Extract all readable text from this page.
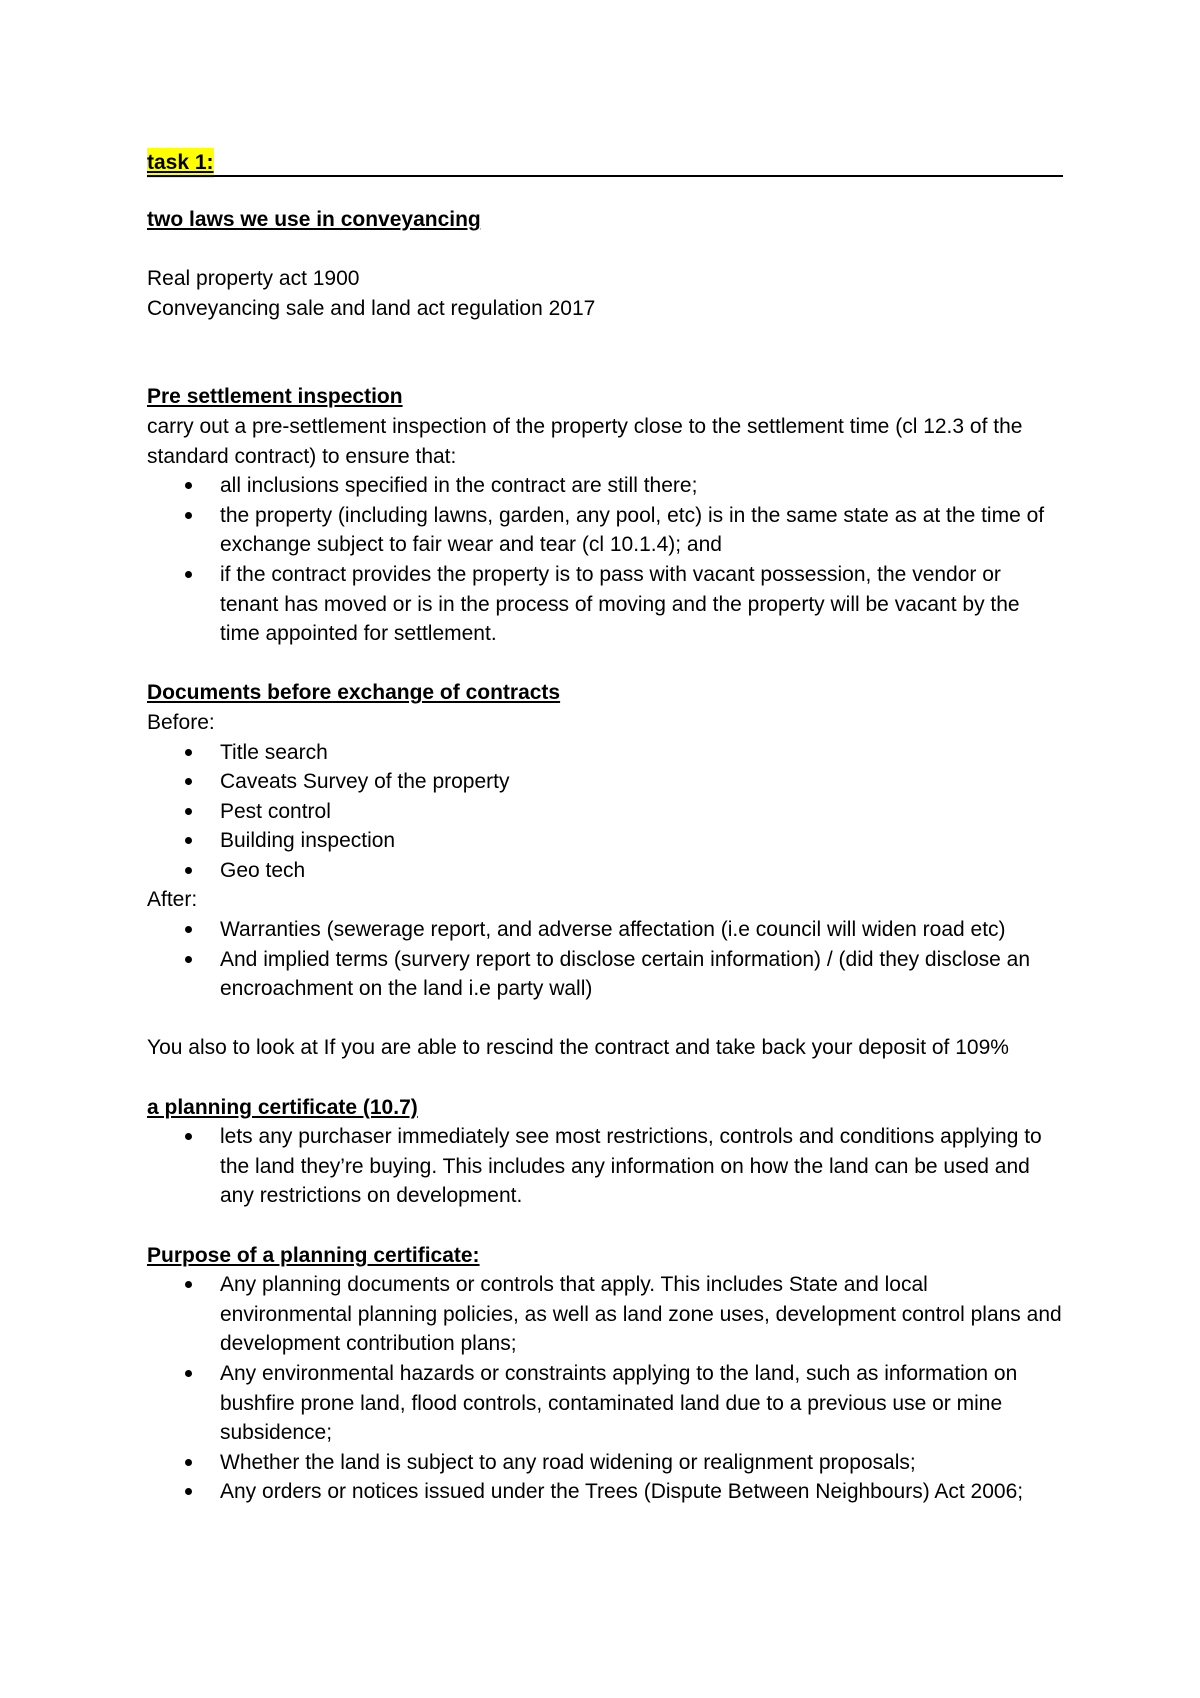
task 1:

two laws we use in conveyancing

Real property act 1900

Conveyancing sale and land act regulation 2017

Pre settlement inspection

carry out a pre-settlement inspection of the property close to the settlement time (cl 12.3 of the standard contract) to ensure that:

all inclusions specified in the contract are still there;
the property (including lawns, garden, any pool, etc) is in the same state as at the time of exchange subject to fair wear and tear (cl 10.1.4); and
if the contract provides the property is to pass with vacant possession, the vendor or tenant has moved or is in the process of moving and the property will be vacant by the time appointed for settlement.

Documents before exchange of contracts

Before:

Title search
Caveats Survey of the property
Pest control
Building inspection
Geo tech

After:

Warranties (sewerage report, and adverse affectation (i.e council will widen road etc)
And implied terms (survery report to disclose certain information) / (did they disclose an encroachment on the land i.e party wall)

You also to look at If you are able to rescind the contract and take back your deposit of 109%

a planning certificate (10.7)

lets any purchaser immediately see most restrictions, controls and conditions applying to the land they’re buying. This includes any information on how the land can be used and any restrictions on development.

Purpose of a planning certificate:

Any planning documents or controls that apply. This includes State and local environmental planning policies, as well as land zone uses, development control plans and development contribution plans;
Any environmental hazards or constraints applying to the land, such as information on bushfire prone land, flood controls, contaminated land due to a previous use or mine subsidence;
Whether the land is subject to any road widening or realignment proposals;
Any orders or notices issued under the Trees (Dispute Between Neighbours) Act 2006;
